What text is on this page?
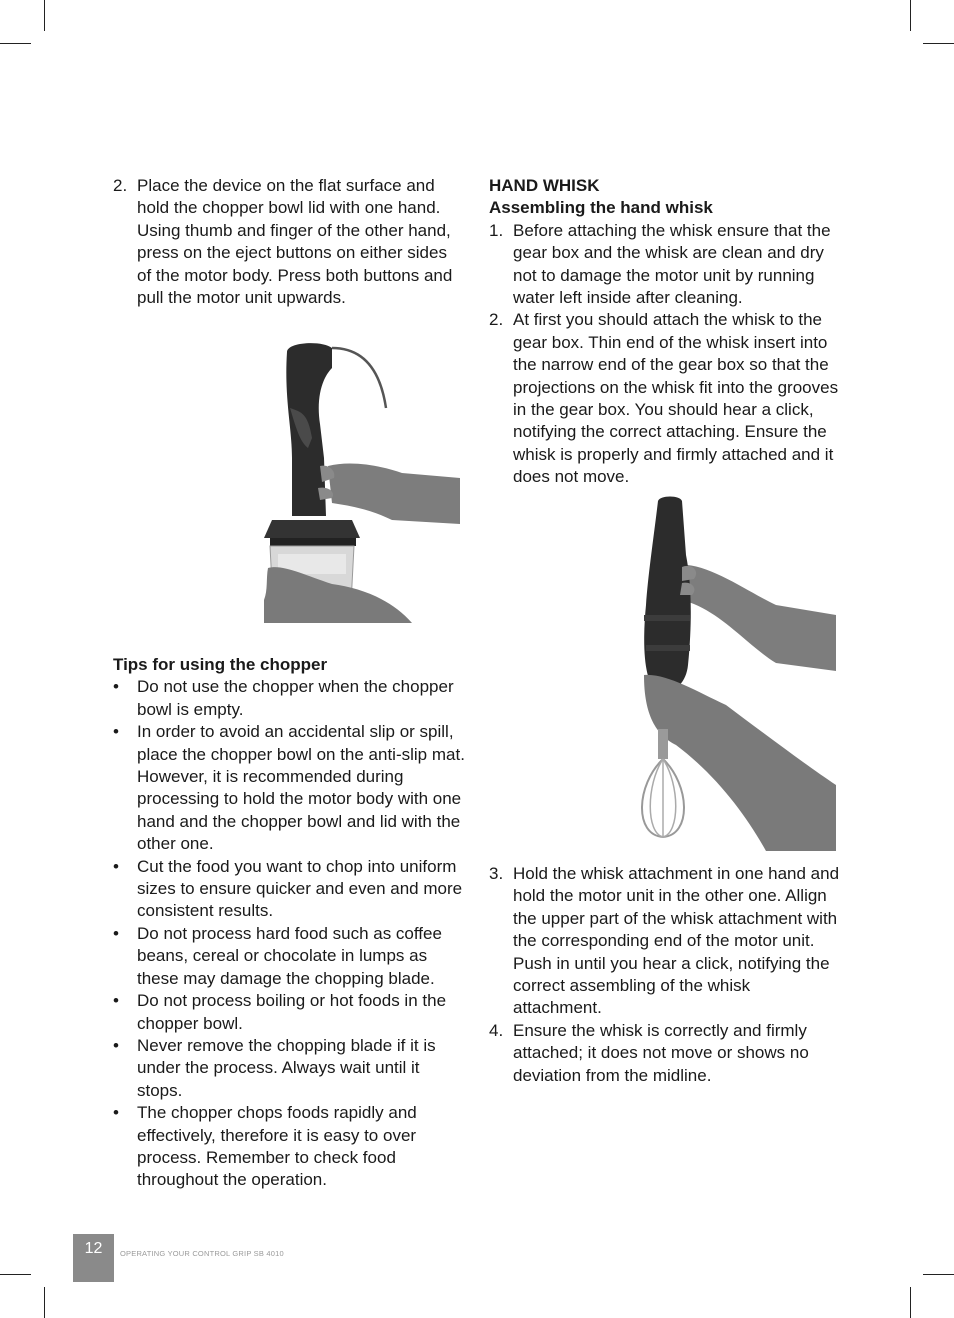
2. Place the device on the flat surface and hold the chopper bowl lid with one hand. Using thumb and finger of the other hand, press on the eject buttons on either sides of the motor body. Press both buttons and pull the motor unit upwards.

Tips for using the chopper

• Do not use the chopper when the chopper bowl is empty.
• In order to avoid an accidental slip or spill, place the chopper bowl on the anti-slip mat. However, it is recommended during processing to hold the motor body with one hand and the chopper bowl and lid with the other one.
• Cut the food you want to chop into uniform sizes to ensure quicker and even and more consistent results.
• Do not process hard food such as coffee beans, cereal or chocolate in lumps as these may damage the chopping blade.
• Do not process boiling or hot foods in the chopper bowl.
• Never remove the chopping blade if it is under the process. Always wait until it stops.
• The chopper chops foods rapidly and effectively, therefore it is easy to over process. Remember to check food throughout the operation.

HAND WHISK

Assembling the hand whisk

1. Before attaching the whisk ensure that the gear box and the whisk are clean and dry not to damage the motor unit by running water left inside after cleaning.
2. At first you should attach the whisk to the gear box. Thin end of the whisk insert into the narrow end of the gear box so that the projections on the whisk fit into the grooves in the gear box. You should hear a click, notifying the correct attaching. Ensure the whisk is properly and firmly attached and it does not move.
3. Hold the whisk attachment in one hand and hold the motor unit in the other one. Allign the upper part of the whisk attachment with the corresponding end of the motor unit. Push in until you hear a click, notifying the correct assembling of the whisk attachment.
4. Ensure the whisk is correctly and firmly attached; it does not move or shows no deviation from the midline.
12	OPERATING YOUR CONTROL GRIP SB 4010
